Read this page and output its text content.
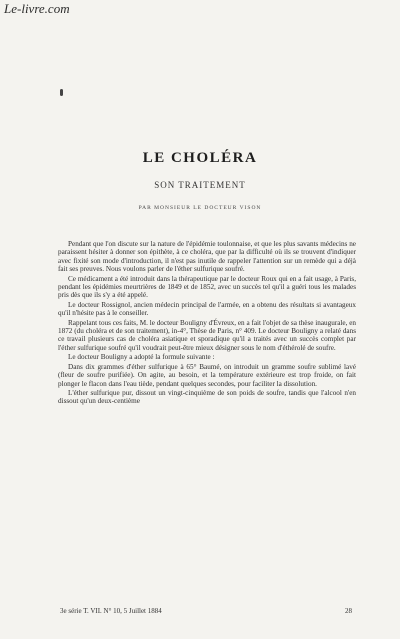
Le-livre.com
LE CHOLÉRA
SON TRAITEMENT
PAR MONSIEUR LE DOCTEUR VISON

Pendant que l'on discute sur la nature de l'épidémie toulonnaise, et que les plus savants médecins ne paraissent hésiter à donner son épithète, à ce choléra, que par la difficulté où ils se trouvent d'indiquer avec fixité son mode d'introduction, il n'est pas inutile de rappeler l'attention sur un remède qui a déjà fait ses preuves. Nous voulons parler de l'éther sulfurique soufré.

Ce médicament a été introduit dans la thérapeutique par le docteur Roux qui en a fait usage, à Paris, pendant les épidémies meurtrières de 1849 et de 1852, avec un succès tel qu'il a guéri tous les malades pris dès que ils s'y a été appelé.

Le docteur Rossignol, ancien médecin principal de l'armée, en a obtenu des résultats si avantageux qu'il n'hésite pas à le conseiller.

Rappelant tous ces faits, M. le docteur Bouligny d'Évreux, en a fait l'objet de sa thèse inaugurale, en 1872 (du choléra et de son traitement), in-4°, Thèse de Paris, n° 409. Le docteur Bouligny a relaté dans ce travail plusieurs cas de choléra asiatique et sporadique qu'il a traités avec un succès complet par l'éther sulfurique soufré qu'il voudrait peut-être mieux désigner sous le nom d'éthérolé de soufre.

Le docteur Bouligny a adopté la formule suivante :

Dans dix grammes d'éther sulfurique à 65° Baumé, on introduit un gramme soufre sublimé lavé (fleur de soufre purifiée). On agite, au besoin, et la température extérieure est trop froide, on fait plonger le flacon dans l'eau tiède, pendant quelques secondes, pour faciliter la dissolution.

L'éther sulfurique pur, dissout un vingt-cinquième de son poids de soufre, tandis que l'alcool n'en dissout qu'un deux-centième

3e série T. VII. N° 10, 5 Juillet 1884	28
